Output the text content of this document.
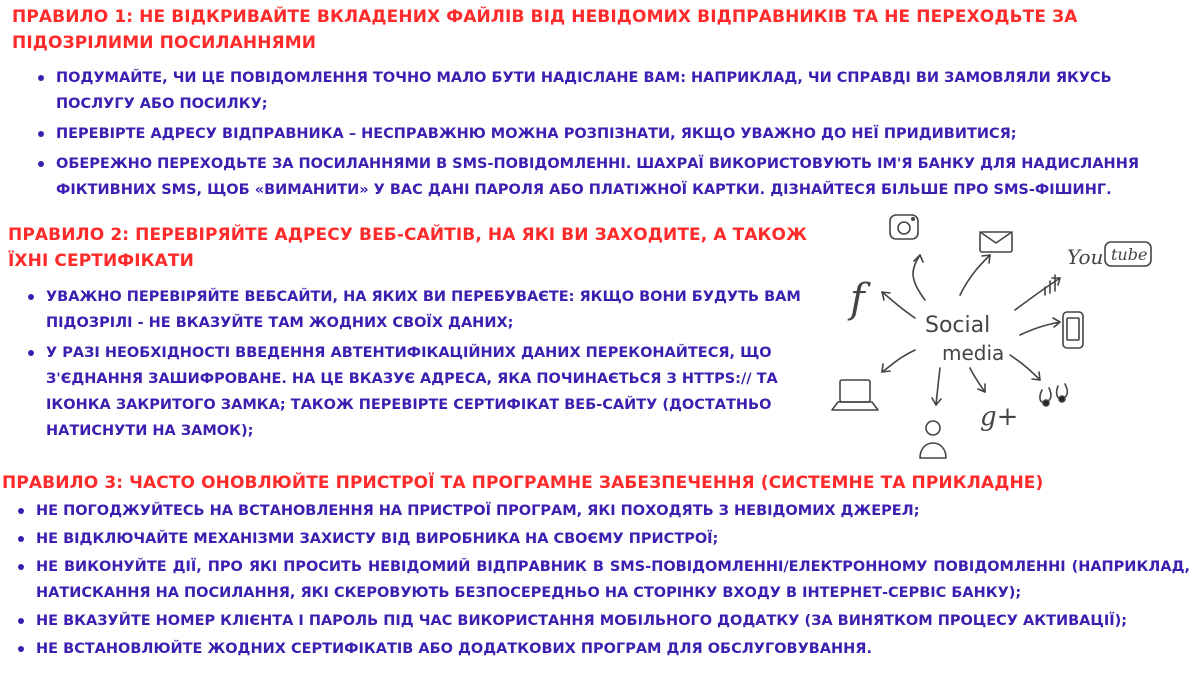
ПРАВИЛО 1: НЕ ВІДКРИВАЙТЕ ВКЛАДЕНИХ ФАЙЛІВ ВІД НЕВІДОМИХ ВІДПРАВНИКІВ ТА НЕ ПЕРЕХОДЬТЕ ЗА ПІДОЗРІЛИМИ ПОСИЛАННЯМИ
ПОДУМАЙТЕ, ЧИ ЦЕ ПОВІДОМЛЕННЯ ТОЧНО МАЛО БУТИ НАДІСЛАНЕ ВАМ: НАПРИКЛАД, ЧИ СПРАВДІ ВИ ЗАМОВЛЯЛИ ЯКУСЬ ПОСЛУГУ АБО ПОСИЛКУ;
ПЕРЕВІРТЕ АДРЕСУ ВІДПРАВНИКА – НЕСПРАВЖНЮ МОЖНА РОЗПІЗНАТИ, ЯКЩО УВАЖНО ДО НЕЇ ПРИДИВИТИСЯ;
ОБЕРЕЖНО ПЕРЕХОДЬТЕ ЗА ПОСИЛАННЯМИ В SMS-ПОВІДОМЛЕННІ. ШАХРАЇ ВИКОРИСТОВУЮТЬ ІМ'Я БАНКУ ДЛЯ НАДИСЛАННЯ ФІКТИВНИХ SMS, ЩОБ «ВИМАНИТИ» У ВАС ДАНІ ПАРОЛЯ АБО ПЛАТІЖНОЇ КАРТКИ. ДІЗНАЙТЕСЯ БІЛЬШЕ ПРО SMS-ФІШИНГ.
ПРАВИЛО 2: ПЕРЕВІРЯЙТЕ АДРЕСУ ВЕБ-САЙТІВ, НА ЯКІ ВИ ЗАХОДИТЕ, А ТАКОЖ ЇХНІ СЕРТИФІКАТИ
УВАЖНО ПЕРЕВІРЯЙТЕ ВЕБСАЙТИ, НА ЯКИХ ВИ ПЕРЕБУВАЄТЕ: ЯКЩО ВОНИ БУДУТЬ ВАМ ПІДОЗРІЛІ - НЕ ВКАЗУЙТЕ ТАМ ЖОДНИХ СВОЇХ ДАНИХ;
У РАЗІ НЕОБХІДНОСТІ ВВЕДЕННЯ АВТЕНТИФІКАЦІЙНИХ ДАНИХ ПЕРЕКОНАЙТЕСЯ, ЩО З'ЄДНАННЯ ЗАШИФРОВАНЕ. НА ЦЕ ВКАЗУЄ АДРЕСА, ЯКА ПОЧИНАЄТЬСЯ З HTTPS:// ТА ІКОНКА ЗАКРИТОГО ЗАМКА; ТАКОЖ ПЕРЕВІРТЕ СЕРТИФІКАТ ВЕБ-САЙТУ (ДОСТАТНЬО НАТИСНУТИ НА ЗАМОК);
ПРАВИЛО 3: ЧАСТО ОНОВЛЮЙТЕ ПРИСТРОЇ ТА ПРОГРАМНЕ ЗАБЕЗПЕЧЕННЯ (СИСТЕМНЕ ТА ПРИКЛАДНЕ)
НЕ ПОГОДЖУЙТЕСЬ НА ВСТАНОВЛЕННЯ НА ПРИСТРОЇ ПРОГРАМ, ЯКІ ПОХОДЯТЬ З НЕВІДОМИХ ДЖЕРЕЛ;
НЕ ВІДКЛЮЧАЙТЕ МЕХАНІЗМИ ЗАХИСТУ ВІД ВИРОБНИКА НА СВОЄМУ ПРИСТРОЇ;
НЕ ВИКОНУЙТЕ ДІЇ, ПРО ЯКІ ПРОСИТЬ НЕВІДОМИЙ ВІДПРАВНИК В SMS-ПОВІДОМЛЕННІ/ЕЛЕКТРОННОМУ ПОВІДОМЛЕННІ (НАПРИКЛАД, НАТИСКАННЯ НА ПОСИЛАННЯ, ЯКІ СКЕРОВУЮТЬ БЕЗПОСЕРЕДНЬО НА СТОРІНКУ ВХОДУ В ІНТЕРНЕТ-СЕРВІС БАНКУ);
НЕ ВКАЗУЙТЕ НОМЕР КЛІЄНТА І ПАРОЛЬ ПІД ЧАС ВИКОРИСТАННЯ МОБІЛЬНОГО ДОДАТКУ (ЗА ВИНЯТКОМ ПРОЦЕСУ АКТИВАЦІЇ);
НЕ ВСТАНОВЛЮЙТЕ ЖОДНИХ СЕРТИФІКАТІВ АБО ДОДАТКОВИХ ПРОГРАМ ДЛЯ ОБСЛУГОВУВАННЯ.
Social
media
You tube
f
g+
